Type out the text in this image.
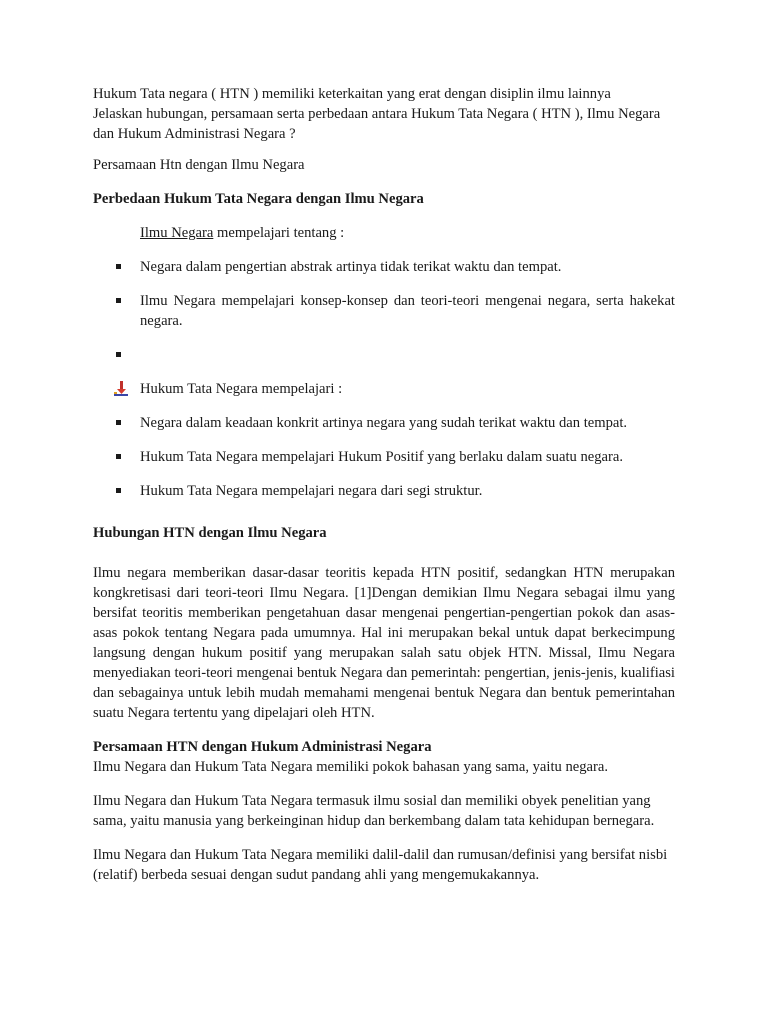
Hukum Tata negara ( HTN ) memiliki keterkaitan yang erat dengan disiplin ilmu lainnya

Jelaskan hubungan, persamaan serta perbedaan antara Hukum Tata Negara ( HTN ), Ilmu Negara dan Hukum Administrasi Negara ?

Persamaan Htn dengan Ilmu Negara

Perbedaan Hukum Tata Negara dengan Ilmu Negara

Ilmu Negara mempelajari tentang :

Negara dalam pengertian abstrak artinya tidak terikat waktu dan tempat.
Ilmu Negara mempelajari konsep-konsep dan teori-teori mengenai negara, serta hakekat negara.

Hukum Tata Negara mempelajari :

Negara dalam keadaan konkrit artinya negara yang sudah terikat waktu dan tempat.
Hukum Tata Negara mempelajari Hukum Positif yang berlaku dalam suatu negara.
Hukum Tata Negara mempelajari negara dari segi struktur.

Hubungan HTN dengan Ilmu Negara

Ilmu negara memberikan dasar-dasar teoritis kepada HTN positif, sedangkan HTN merupakan kongkretisasi dari teori-teori Ilmu Negara. [1]Dengan demikian Ilmu Negara sebagai ilmu yang bersifat teoritis memberikan pengetahuan dasar mengenai pengertian-pengertian pokok dan asas-asas pokok tentang Negara pada umumnya. Hal ini merupakan bekal untuk dapat berkecimpung langsung dengan hukum positif yang merupakan salah satu objek HTN. Missal, Ilmu Negara menyediakan teori-teori mengenai bentuk Negara dan pemerintah: pengertian, jenis-jenis, kualifiasi dan sebagainya untuk lebih mudah memahami mengenai bentuk Negara dan bentuk pemerintahan suatu Negara tertentu yang dipelajari oleh HTN.

Persamaan HTN dengan Hukum Administrasi Negara

Ilmu Negara dan Hukum Tata Negara memiliki pokok bahasan yang sama, yaitu negara.

Ilmu Negara dan Hukum Tata Negara termasuk ilmu sosial dan memiliki obyek penelitian yang sama, yaitu manusia yang berkeinginan hidup dan berkembang dalam tata kehidupan bernegara.

Ilmu Negara dan Hukum Tata Negara memiliki dalil-dalil dan rumusan/definisi yang bersifat nisbi (relatif) berbeda sesuai dengan sudut pandang ahli yang mengemukakannya.
